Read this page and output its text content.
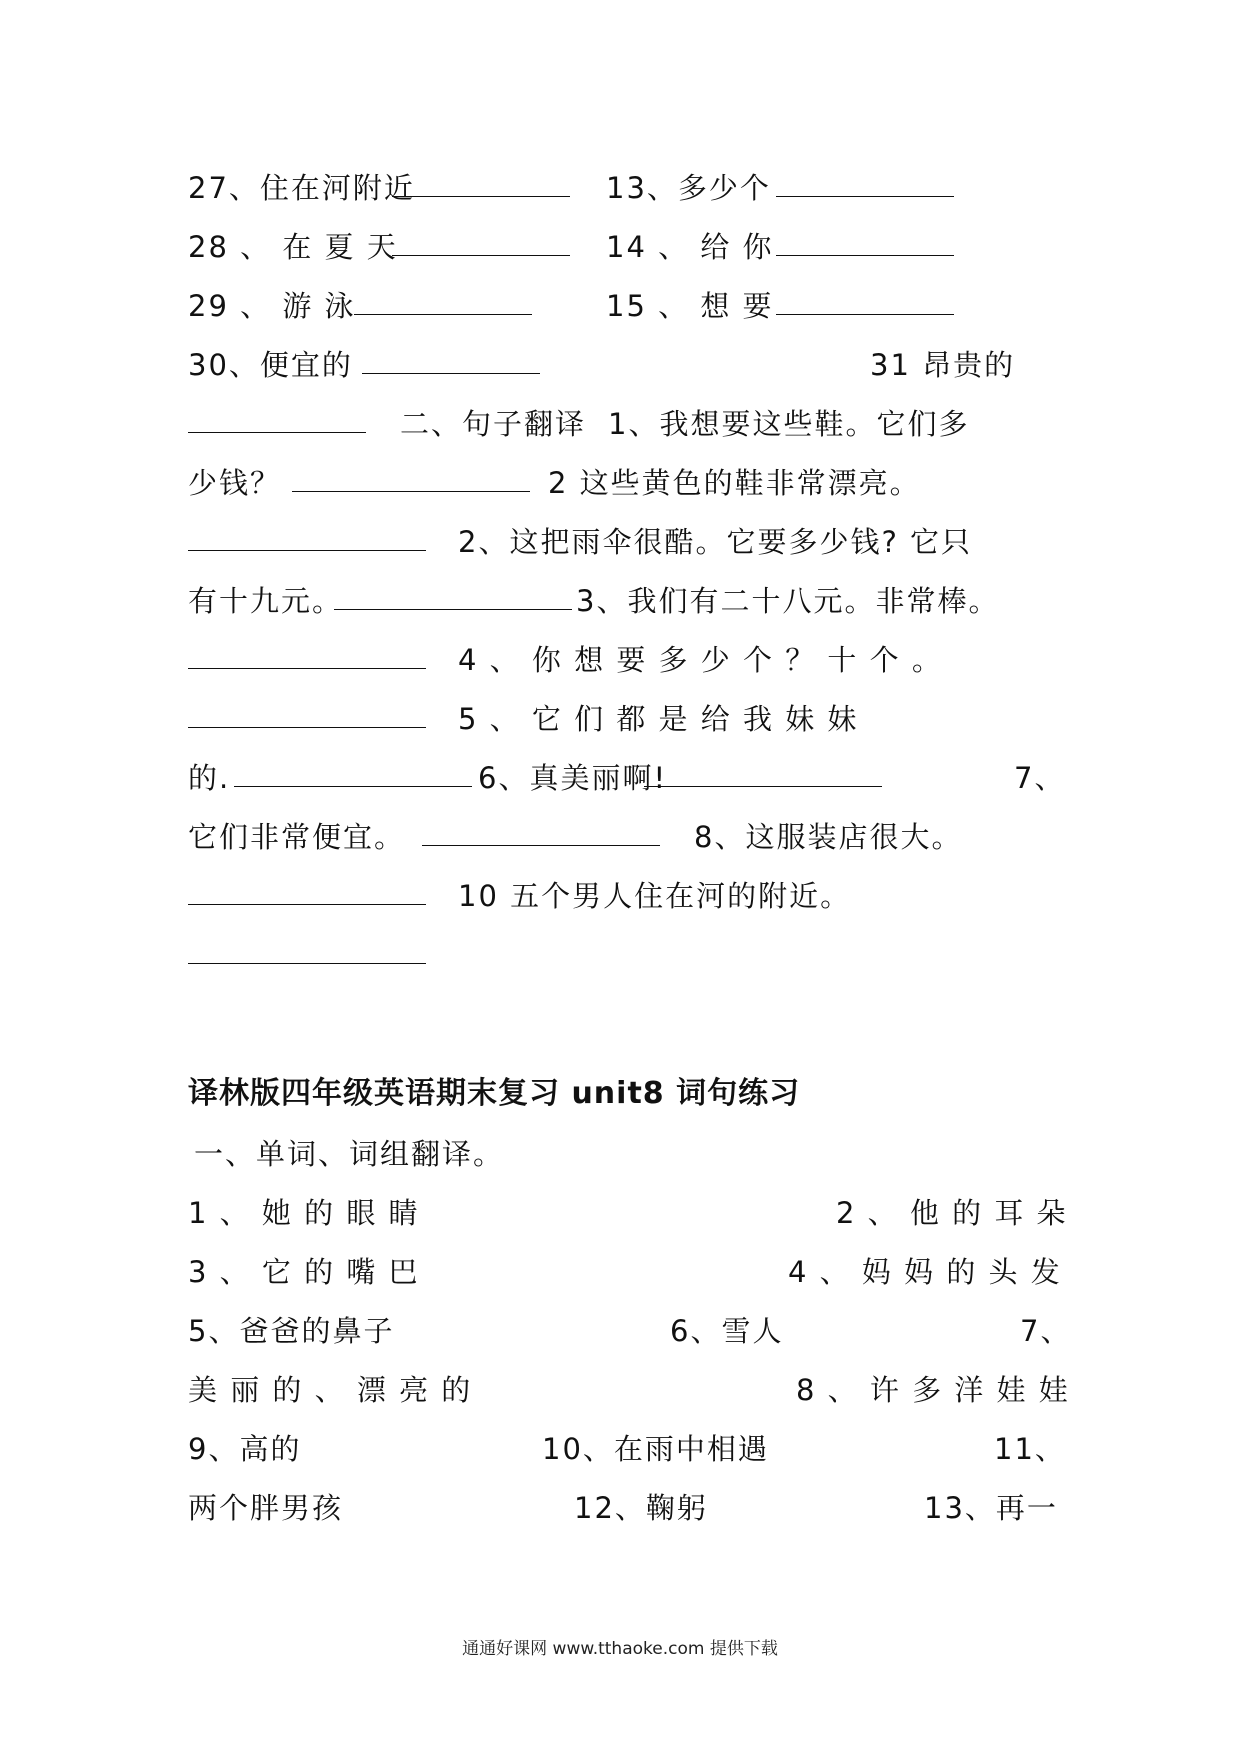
27、住在河附近	13、多少个
28 、 在 夏 天	14 、 给 你
29 、 游 泳	15 、 想 要
30、便宜的	31 昂贵的
二、句子翻译 1、我想要这些鞋。它们多
少钱？	2 这些黄色的鞋非常漂亮。
2、这把雨伞很酷。它要多少钱? 它只
有十九元。	3、我们有二十八元。非常棒。
4 、 你 想 要 多 少 个 ？ 十 个 。
5 、 它 们 都 是 给 我 妹 妹
的.	6、真美丽啊!	7、
它们非常便宜。	8、这服装店很大。
10 五个男人住在河的附近。
译林版四年级英语期末复习 unit8 词句练习
一、单词、词组翻译。
1 、 她 的 眼 睛	2 、 他 的 耳 朵
3 、 它 的 嘴 巴	4 、 妈 妈 的 头 发
5、爸爸的鼻子	6、雪人	7、
美 丽 的 、 漂 亮 的	8 、 许 多 洋 娃 娃
9、高的	10、在雨中相遇	11、
两个胖男孩	12、鞠躬	13、再一
通通好课网 www.tthaoke.com 提供下载
